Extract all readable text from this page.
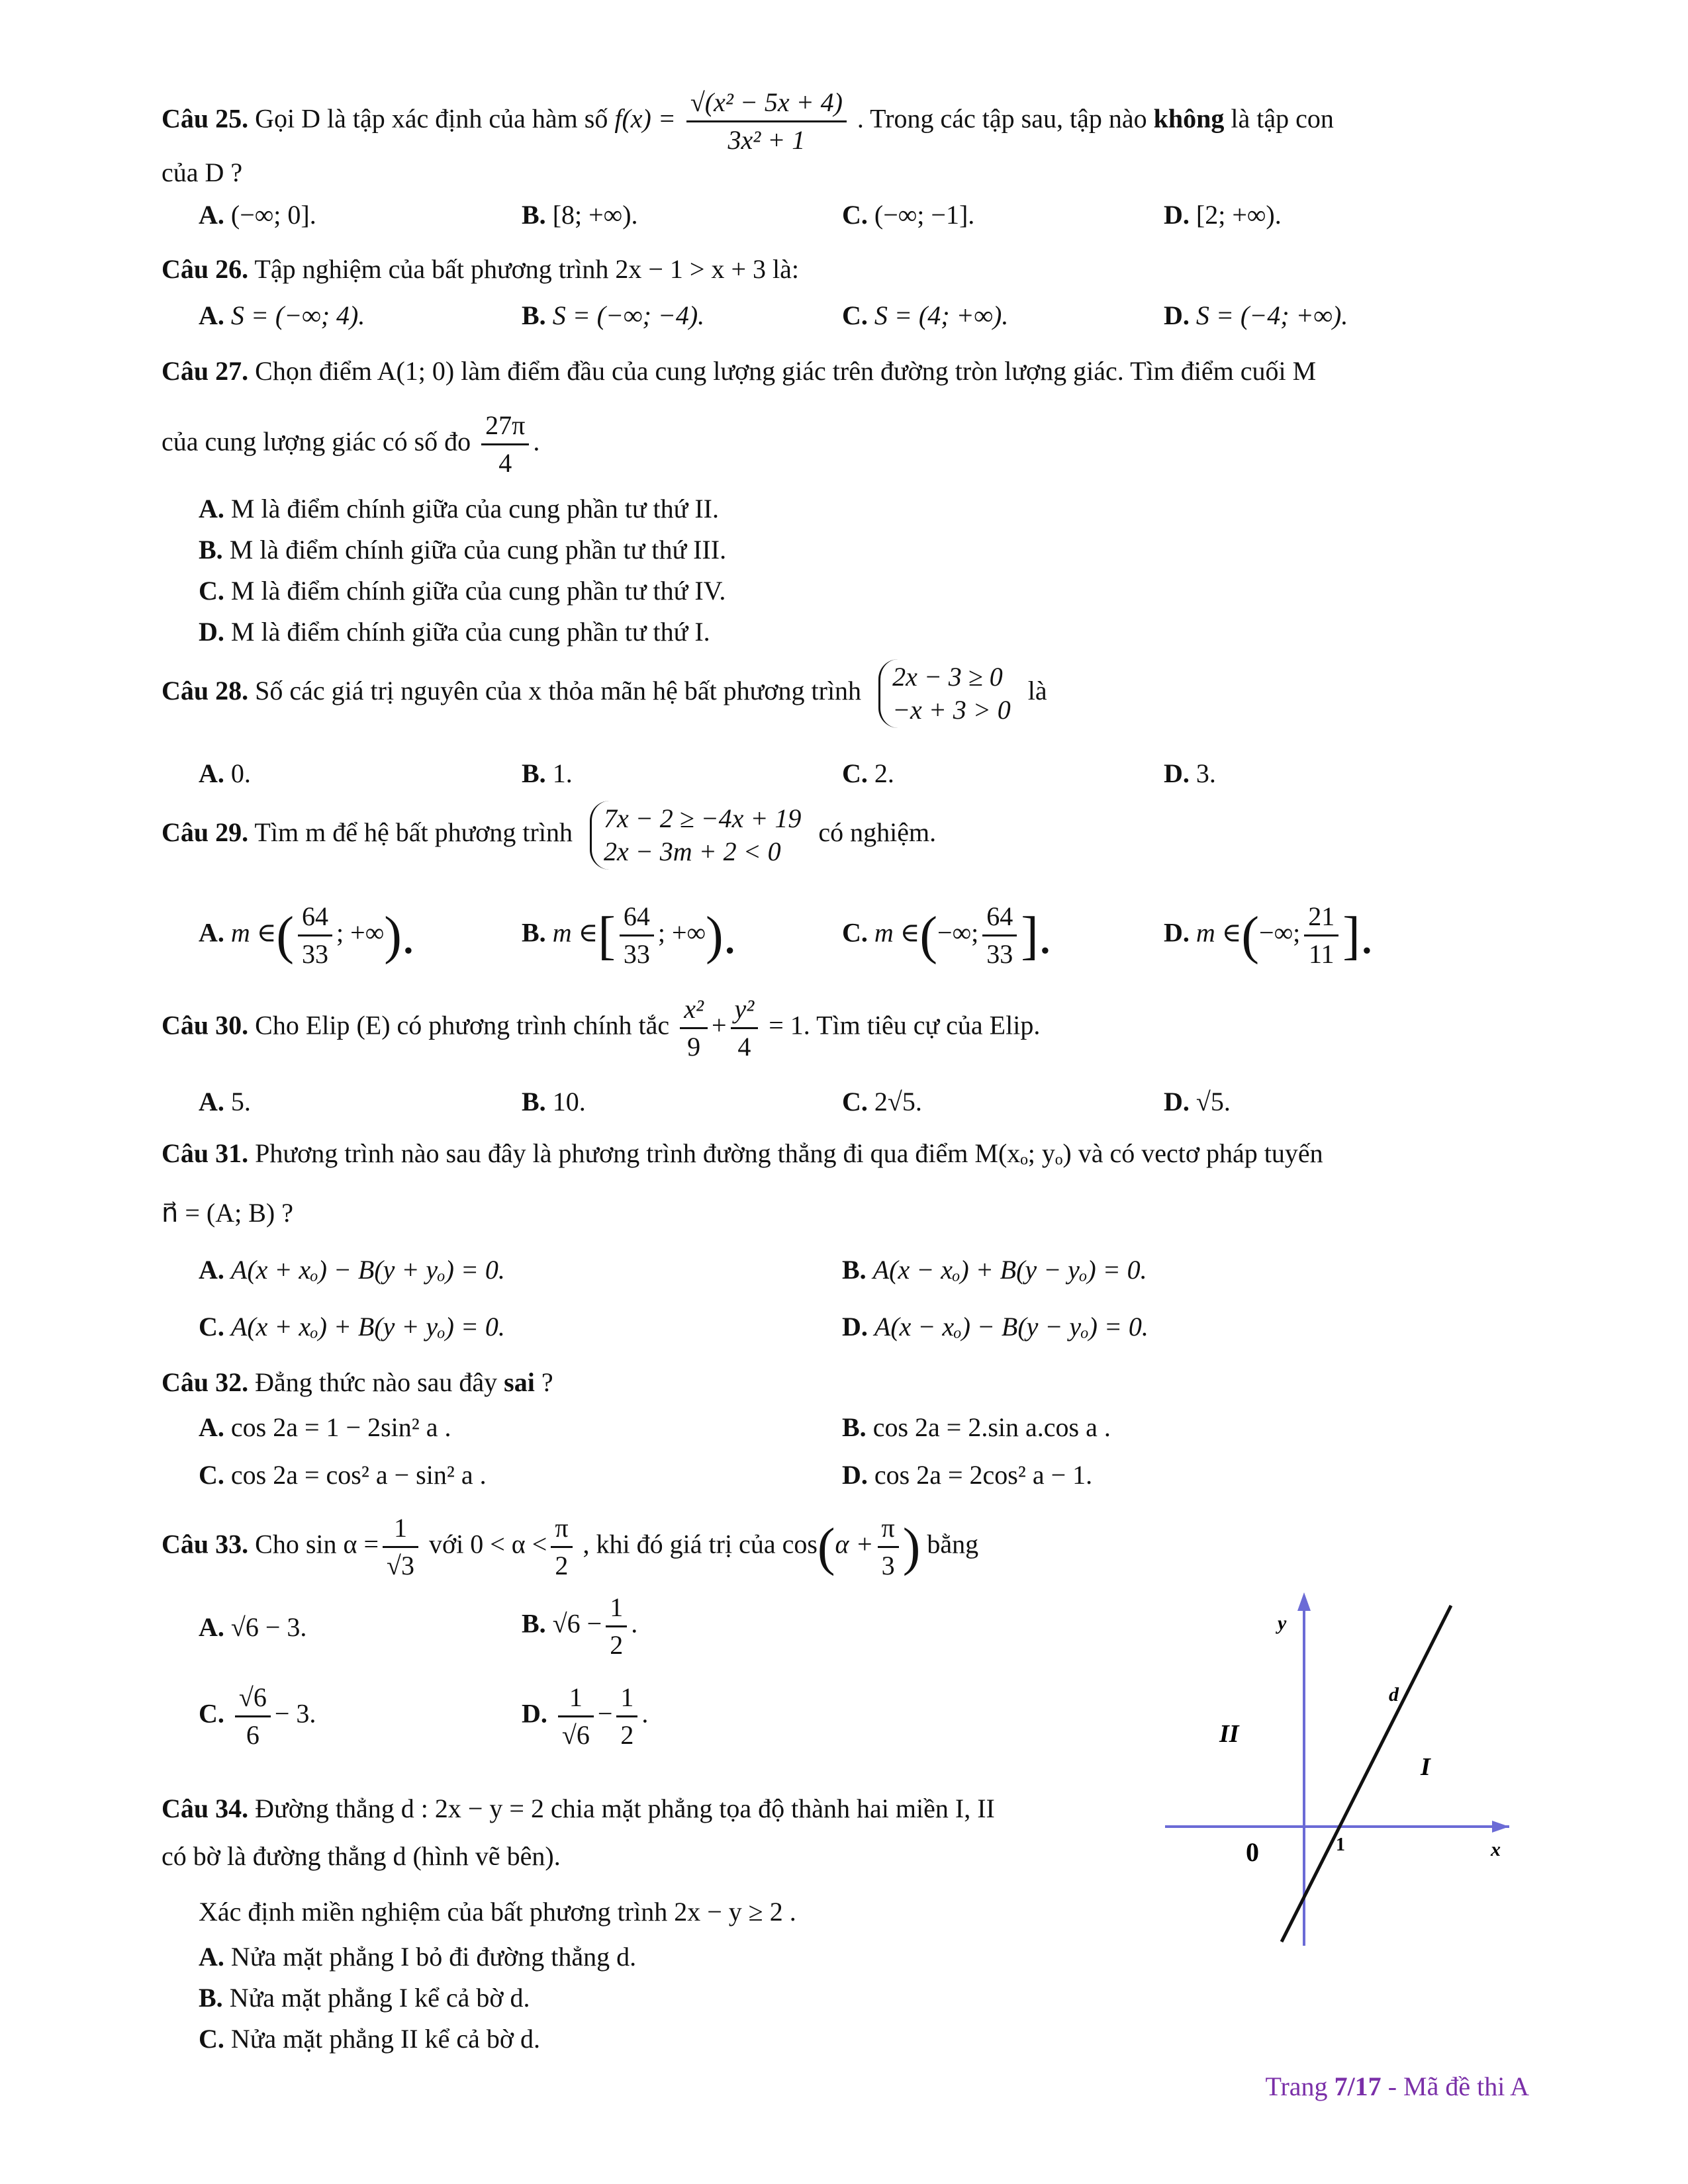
Câu 25. Gọi D là tập xác định của hàm số $f(x) = \frac{\text{√(x² − 5x + 4)}}{\text{3x² + 1}}$ . Trong các tập sau, tập nào không là tập con
của D ?
A. (−∞; 0].	B. [8; +∞).	C. (−∞; −1].	D. [2; +∞).
Câu 26. Tập nghiệm của bất phương trình 2x − 1 > x + 3 là:
A. S = (−∞; 4).	B. S = (−∞; −4).	C. S = (4; +∞).	D. S = (−4; +∞).
Câu 27. Chọn điểm A(1; 0) làm điểm đầu của cung lượng giác trên đường tròn lượng giác. Tìm điểm cuối M
của cung lượng giác có số đo $\frac{27\pi}{4}$ .
A. M là điểm chính giữa của cung phần tư thứ II.
B. M là điểm chính giữa của cung phần tư thứ III.
C. M là điểm chính giữa của cung phần tư thứ IV.
D. M là điểm chính giữa của cung phần tư thứ I.
Câu 28. Số các giá trị nguyên của x thỏa mãn hệ bất phương trình 2x − 3 ≥ 0
−x + 3 > 0
là
A. 0.	B. 1.	C. 2.	D. 3.
Câu 29. Tìm m để hệ bất phương trình 7x − 2 ≥ −4x + 19
2x − 3m + 2 < 0
có nghiệm.
A. m ∈( $\frac{64}{33}$ ; +∞).	B. m ∈[ $\frac{64}{33}$ ; +∞).	C. m ∈(−∞; $\frac{64}{33}$ ].	D. m ∈(−∞; $\frac{21}{11}$ ].
Câu 30. Cho Elip (E) có phương trình chính tắc $\frac{\text{x²}}{9} + \frac{\text{y²}}{4} = 1$. Tìm tiêu cự của Elip.
A. 5.	B. 10.	C. 2√5.	D. √5.
Câu 31. Phương trình nào sau đây là phương trình đường thẳng đi qua điểm M(xₒ; yₒ) và có vectơ pháp tuyến
n⃗ = (A; B) ?
A. A(x + xₒ) − B(y + yₒ) = 0.	B. A(x − xₒ) + B(y − yₒ) = 0.
C. A(x + xₒ) + B(y + yₒ) = 0.	D. A(x − xₒ) − B(y − yₒ) = 0.
Câu 32. Đẳng thức nào sau đây sai ?
A. cos 2a = 1 − 2sin² a .	B. cos 2a = 2.sin a.cos a .
C. cos 2a = cos² a − sin² a .	D. cos 2a = 2cos² a − 1.
Câu 33. Cho $\sin \alpha = \frac{1}{√3}$ với $0 < \alpha < \frac{\pi}{2}$ , khi đó giá trị của $\cos(\alpha + \frac{\pi}{3}$ ) bằng
A. √6 − 3.	B. $√6 - \frac{1}{2}$ .
C. $\frac{√6}{6} - 3$.	D. $\frac{1}{√6} - \frac{1}{2}$ .
Câu 34. Đường thẳng d : 2x − y = 2 chia mặt phẳng tọa độ thành hai miền I, II
có bờ là đường thẳng d (hình vẽ bên).
Xác định miền nghiệm của bất phương trình 2x − y ≥ 2 .
A. Nửa mặt phẳng I bỏ đi đường thẳng d.
B. Nửa mặt phẳng I kể cả bờ d.
C. Nửa mặt phẳng II kể cả bờ d.
y
x
0	1
d
I
II
Trang 7/17 - Mã đề thi A
